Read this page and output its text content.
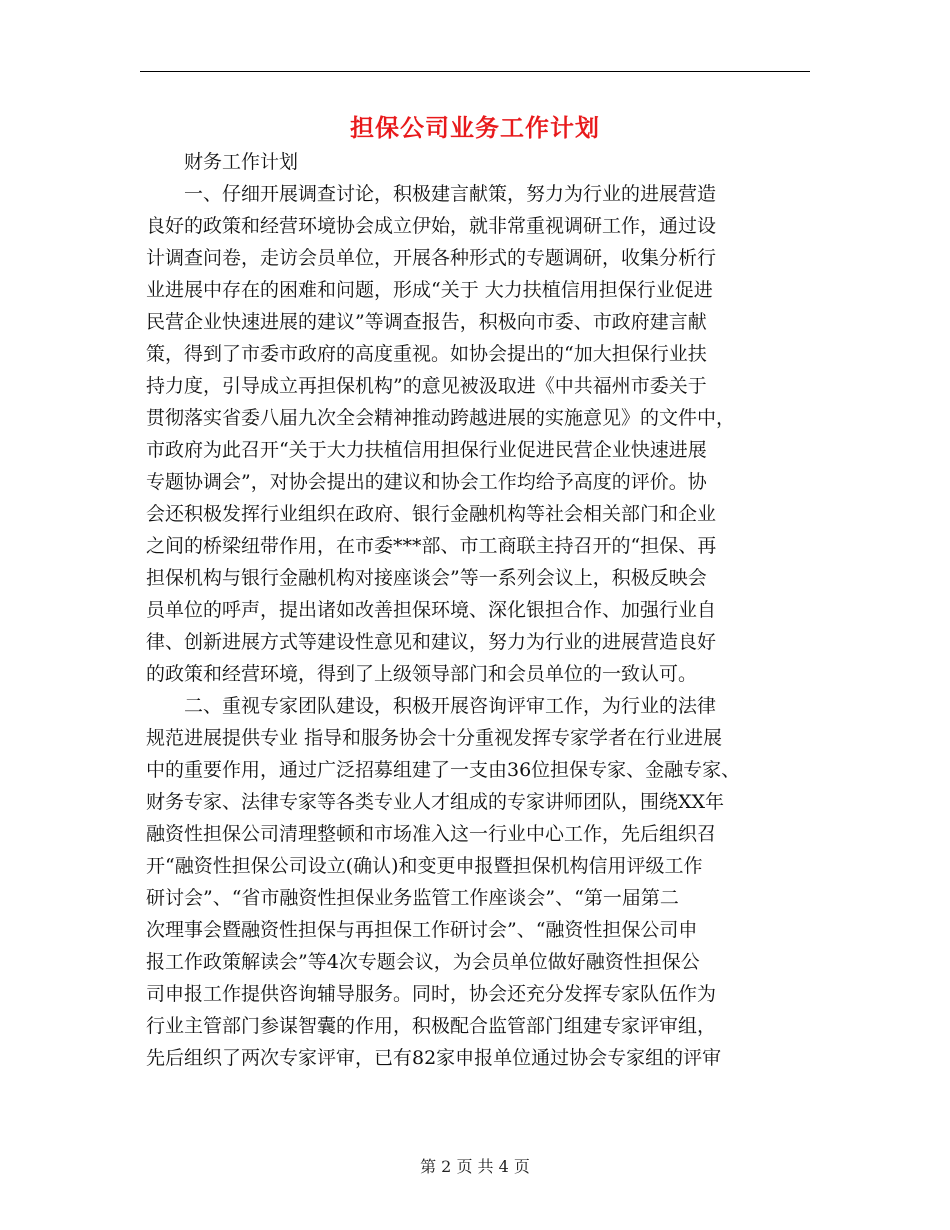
担保公司业务工作计划
财务工作计划
一、仔细开展调查讨论，积极建言献策，努力为行业的进展营造
良好的政策和经营环境协会成立伊始，就非常重视调研工作，通过设
计调查问卷，走访会员单位，开展各种形式的专题调研，收集分析行
业进展中存在的困难和问题，形成“关于 大力扶植信用担保行业促进
民营企业快速进展的建议”等调查报告，积极向市委、市政府建言献
策，得到了市委市政府的高度重视。如协会提出的“加大担保行业扶
持力度，引导成立再担保机构”的意见被汲取进《中共福州市委关于
贯彻落实省委八届九次全会精神推动跨越进展的实施意见》的文件中，
市政府为此召开“关于大力扶植信用担保行业促进民营企业快速进展
专题协调会”，对协会提出的建议和协会工作均给予高度的评价。协
会还积极发挥行业组织在政府、银行金融机构等社会相关部门和企业
之间的桥梁纽带作用，在市委***部、市工商联主持召开的“担保、再
担保机构与银行金融机构对接座谈会”等一系列会议上，积极反映会
员单位的呼声，提出诸如改善担保环境、深化银担合作、加强行业自
律、创新进展方式等建设性意见和建议，努力为行业的进展营造良好
的政策和经营环境，得到了上级领导部门和会员单位的一致认可。
二、重视专家团队建设，积极开展咨询评审工作，为行业的法律
规范进展提供专业 指导和服务协会十分重视发挥专家学者在行业进展
中的重要作用，通过广泛招募组建了一支由36位担保专家、金融专家、
财务专家、法律专家等各类专业人才组成的专家讲师团队，围绕XX年
融资性担保公司清理整顿和市场准入这一行业中心工作，先后组织召
开“融资性担保公司设立(确认)和变更申报暨担保机构信用评级工作
研讨会”、“省市融资性担保业务监管工作座谈会”、“第一届第二
次理事会暨融资性担保与再担保工作研讨会”、“融资性担保公司申
报工作政策解读会”等4次专题会议，为会员单位做好融资性担保公
司申报工作提供咨询辅导服务。同时，协会还充分发挥专家队伍作为
行业主管部门参谋智囊的作用，积极配合监管部门组建专家评审组，
先后组织了两次专家评审，已有82家申报单位通过协会专家组的评审
第 2 页 共 4 页
